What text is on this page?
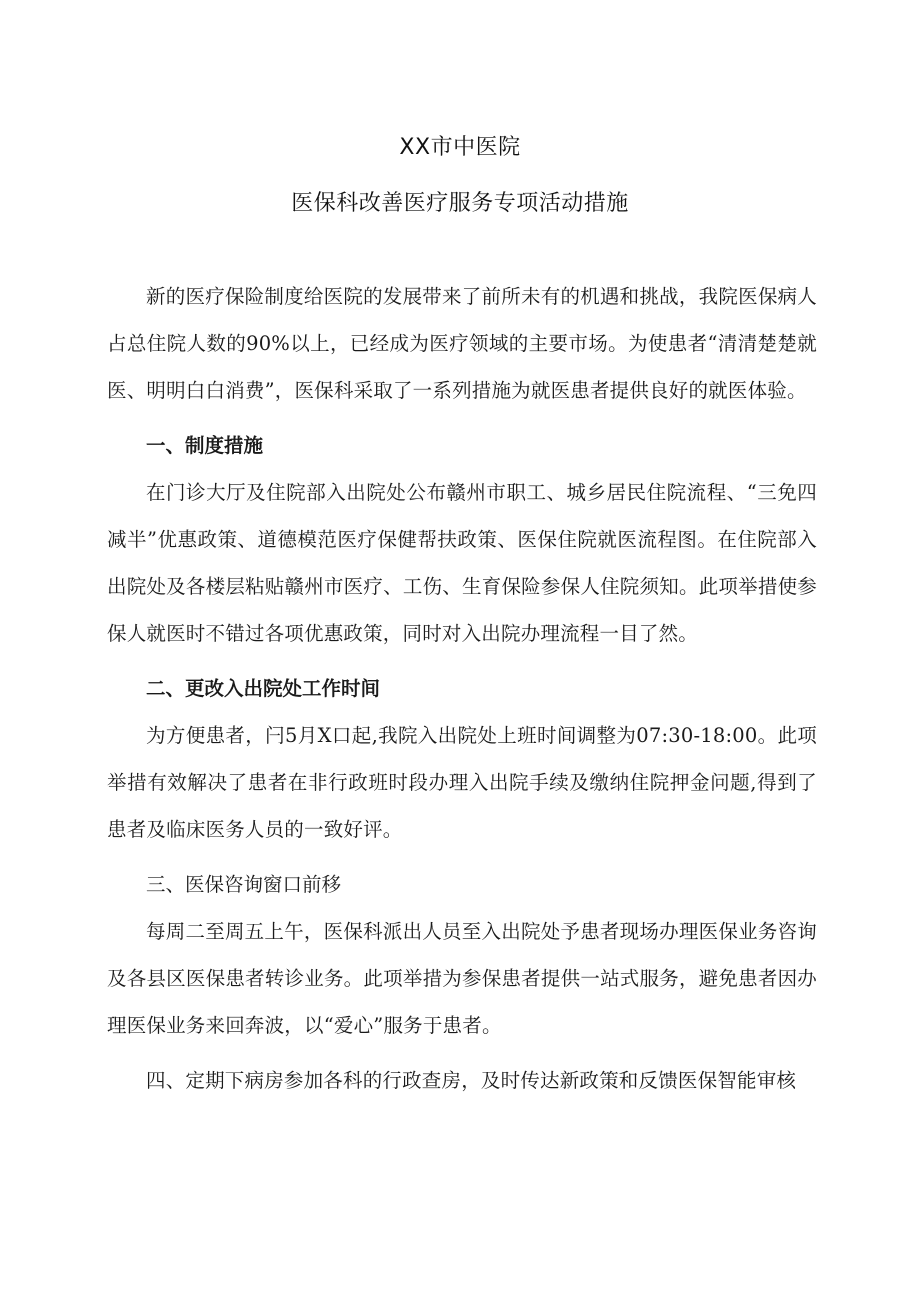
XX市中医院
医保科改善医疗服务专项活动措施

新的医疗保险制度给医院的发展带来了前所未有的机遇和挑战，我院医保病人占总住院人数的90%以上，已经成为医疗领域的主要市场。为使患者“清清楚楚就医、明明白白消费”，医保科采取了一系列措施为就医患者提供良好的就医体验。

一、制度措施

在门诊大厅及住院部入出院处公布赣州市职工、城乡居民住院流程、“三免四减半”优惠政策、道德模范医疗保健帮扶政策、医保住院就医流程图。在住院部入出院处及各楼层粘贴赣州市医疗、工伤、生育保险参保人住院须知。此项举措使参保人就医时不错过各项优惠政策，同时对入出院办理流程一目了然。

二、更改入出院处工作时间

为方便患者，闩5月X口起,我院入出院处上班时间调整为07:30-18:00。此项举措有效解决了患者在非行政班时段办理入出院手续及缴纳住院押金问题,得到了患者及临床医务人员的一致好评。

三、医保咨询窗口前移

每周二至周五上午，医保科派出人员至入出院处予患者现场办理医保业务咨询及各县区医保患者转诊业务。此项举措为参保患者提供一站式服务，避免患者因办理医保业务来回奔波，以“爱心”服务于患者。

四、定期下病房参加各科的行政查房，及时传达新政策和反馈医保智能审核
